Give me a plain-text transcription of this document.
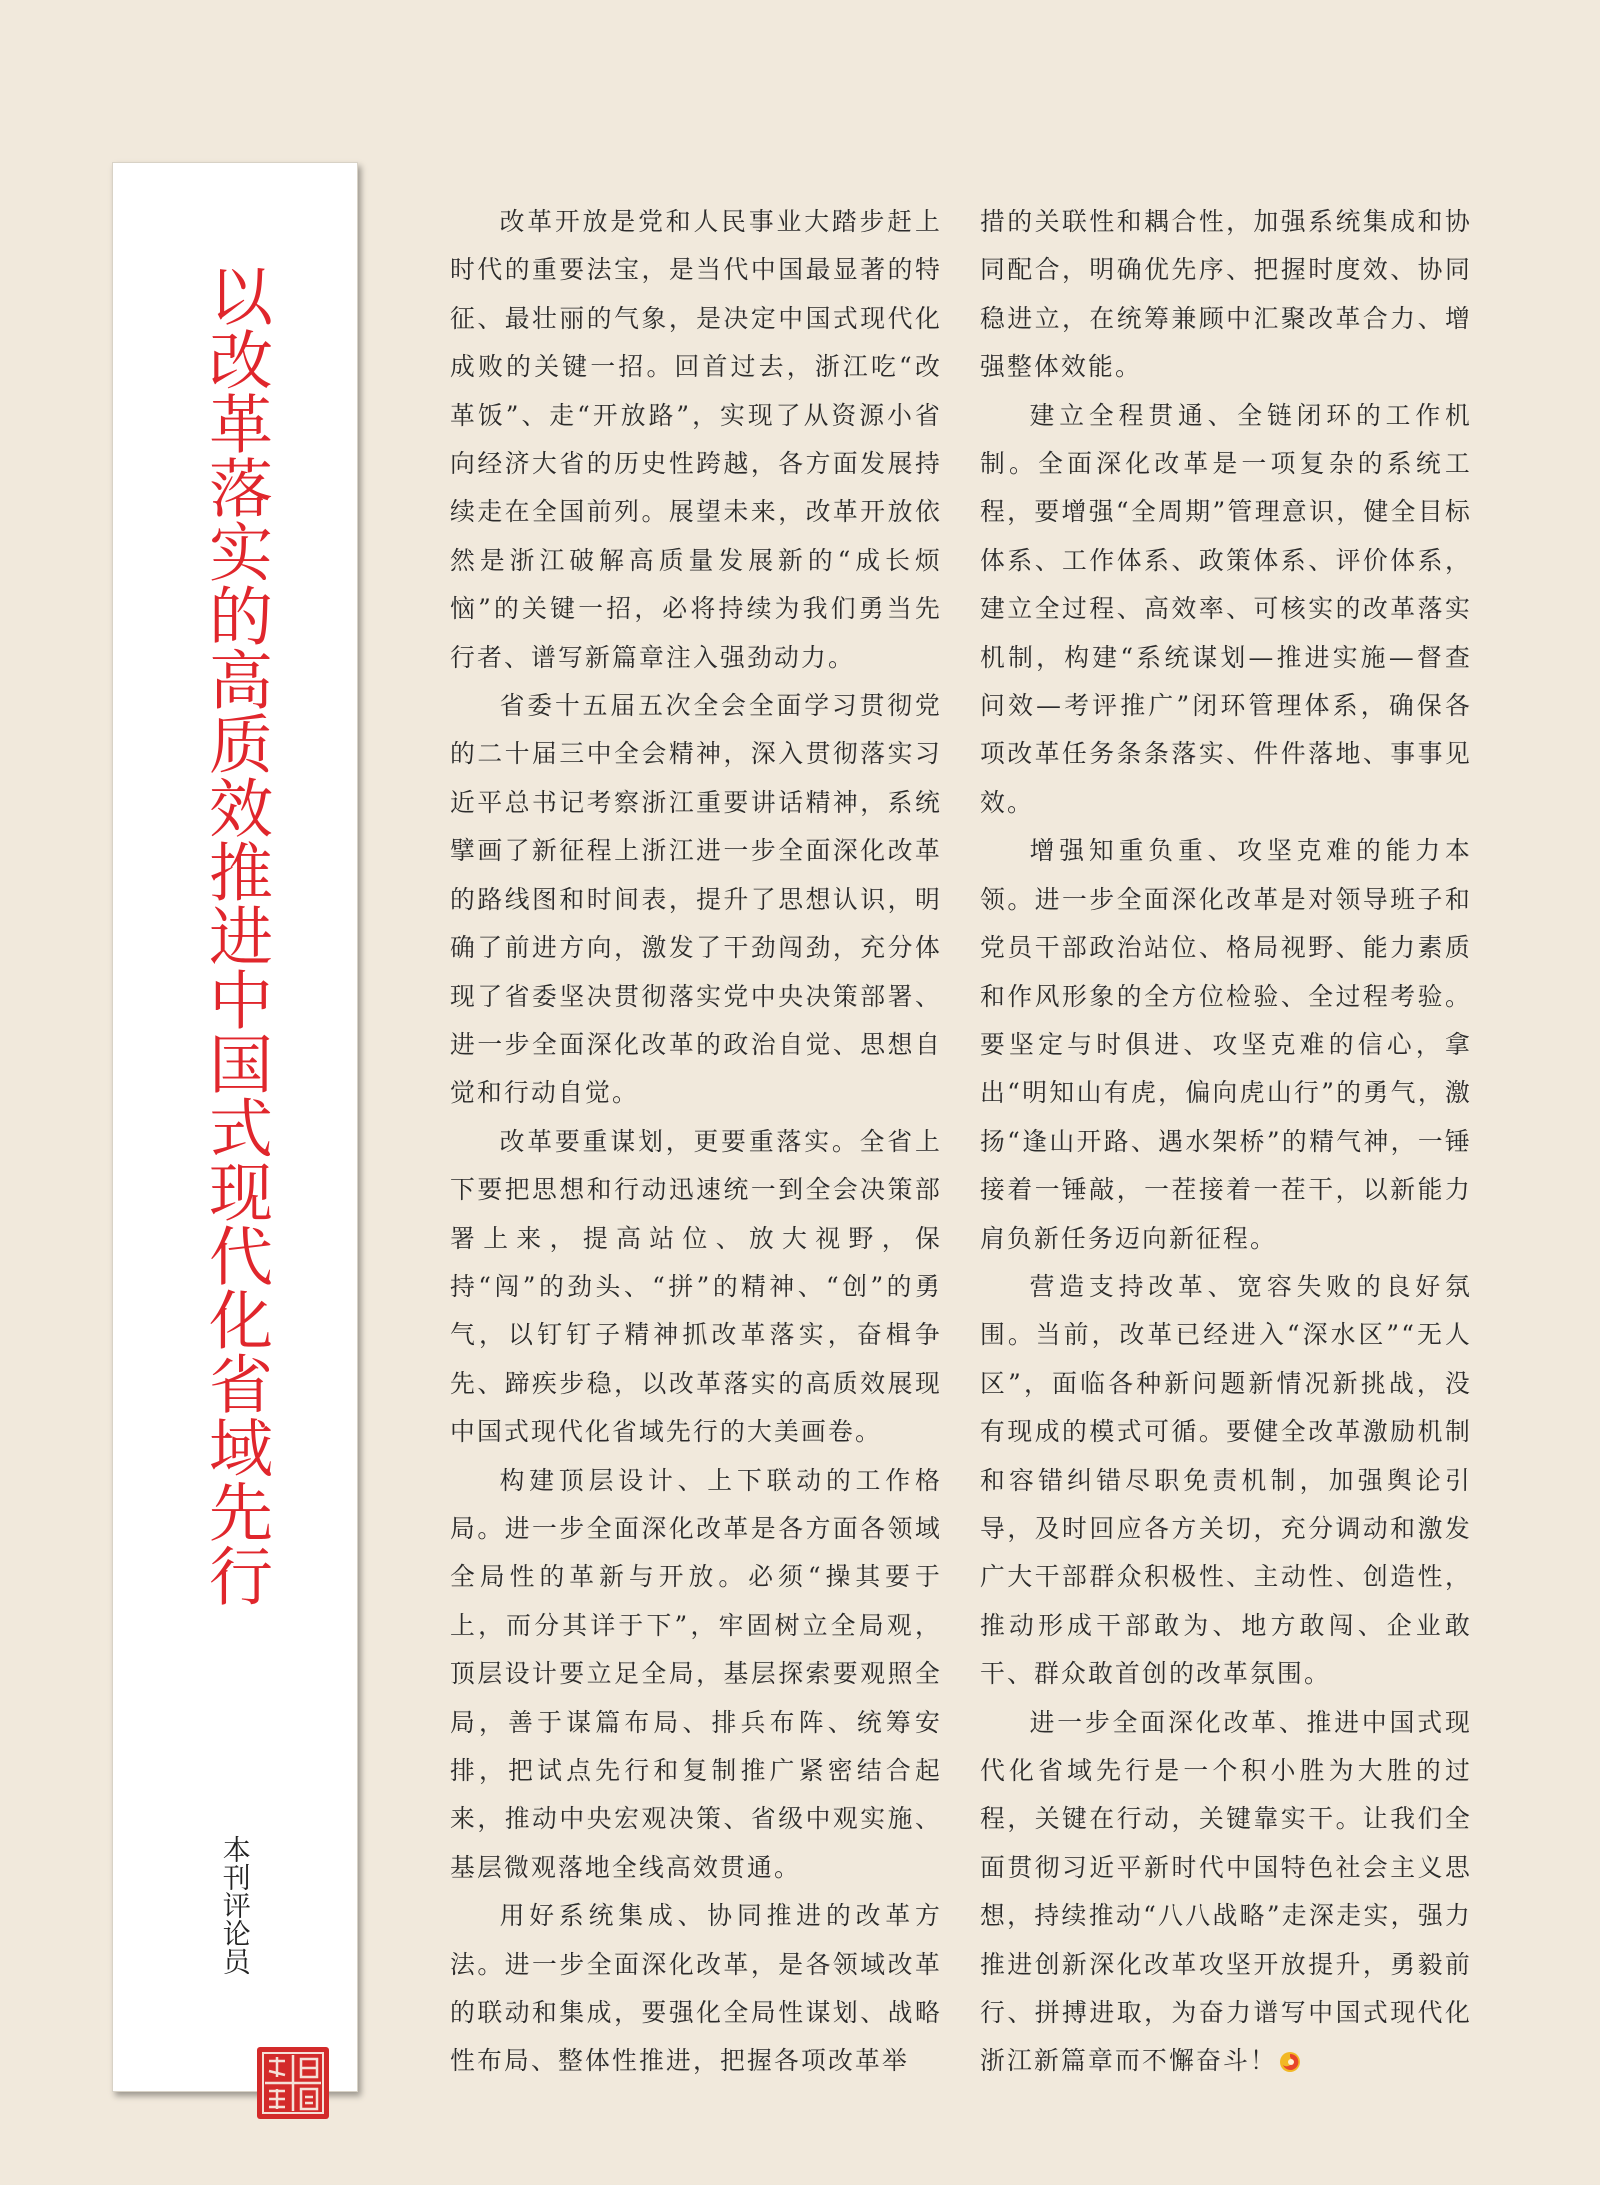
以改革落实的高质效推进中国式现代化省域先行
本刊评论员

改革开放是党和人民事业大踏步赶上时代的重要法宝，是当代中国最显著的特征、最壮丽的气象，是决定中国式现代化成败的关键一招。回首过去，浙江吃“改革饭”、走“开放路”，实现了从资源小省向经济大省的历史性跨越，各方面发展持续走在全国前列。展望未来，改革开放依然是浙江破解高质量发展新的“成长烦恼”的关键一招，必将持续为我们勇当先行者、谱写新篇章注入强劲动力。

省委十五届五次全会全面学习贯彻党的二十届三中全会精神，深入贯彻落实习近平总书记考察浙江重要讲话精神，系统擘画了新征程上浙江进一步全面深化改革的路线图和时间表，提升了思想认识，明确了前进方向，激发了干劲闯劲，充分体现了省委坚决贯彻落实党中央决策部署、进一步全面深化改革的政治自觉、思想自觉和行动自觉。

改革要重谋划，更要重落实。全省上下要把思想和行动迅速统一到全会决策部署上来，提高站位、放大视野，保持“闯”的劲头、“拼”的精神、“创”的勇气，以钉钉子精神抓改革落实，奋楫争先、蹄疾步稳，以改革落实的高质效展现中国式现代化省域先行的大美画卷。

构建顶层设计、上下联动的工作格局。进一步全面深化改革是各方面各领域全局性的革新与开放。必须“操其要于上，而分其详于下”，牢固树立全局观，顶层设计要立足全局，基层探索要观照全局，善于谋篇布局、排兵布阵、统筹安排，把试点先行和复制推广紧密结合起来，推动中央宏观决策、省级中观实施、基层微观落地全线高效贯通。

用好系统集成、协同推进的改革方法。进一步全面深化改革，是各领域改革的联动和集成，要强化全局性谋划、战略性布局、整体性推进，把握各项改革举

措的关联性和耦合性，加强系统集成和协同配合，明确优先序、把握时度效、协同稳进立，在统筹兼顾中汇聚改革合力、增强整体效能。

建立全程贯通、全链闭环的工作机制。全面深化改革是一项复杂的系统工程，要增强“全周期”管理意识，健全目标体系、工作体系、政策体系、评价体系，建立全过程、高效率、可核实的改革落实机制，构建“系统谋划—推进实施—督查问效—考评推广”闭环管理体系，确保各项改革任务条条落实、件件落地、事事见效。

增强知重负重、攻坚克难的能力本领。进一步全面深化改革是对领导班子和党员干部政治站位、格局视野、能力素质和作风形象的全方位检验、全过程考验。要坚定与时俱进、攻坚克难的信心，拿出“明知山有虎，偏向虎山行”的勇气，激扬“逢山开路、遇水架桥”的精气神，一锤接着一锤敲，一茬接着一茬干，以新能力肩负新任务迈向新征程。

营造支持改革、宽容失败的良好氛围。当前，改革已经进入“深水区”“无人区”，面临各种新问题新情况新挑战，没有现成的模式可循。要健全改革激励机制和容错纠错尽职免责机制，加强舆论引导，及时回应各方关切，充分调动和激发广大干部群众积极性、主动性、创造性，推动形成干部敢为、地方敢闯、企业敢干、群众敢首创的改革氛围。

进一步全面深化改革、推进中国式现代化省域先行是一个积小胜为大胜的过程，关键在行动，关键靠实干。让我们全面贯彻习近平新时代中国特色社会主义思想，持续推动“八八战略”走深走实，强力推进创新深化改革攻坚开放提升，勇毅前行、拼搏进取，为奋力谱写中国式现代化浙江新篇章而不懈奋斗！
